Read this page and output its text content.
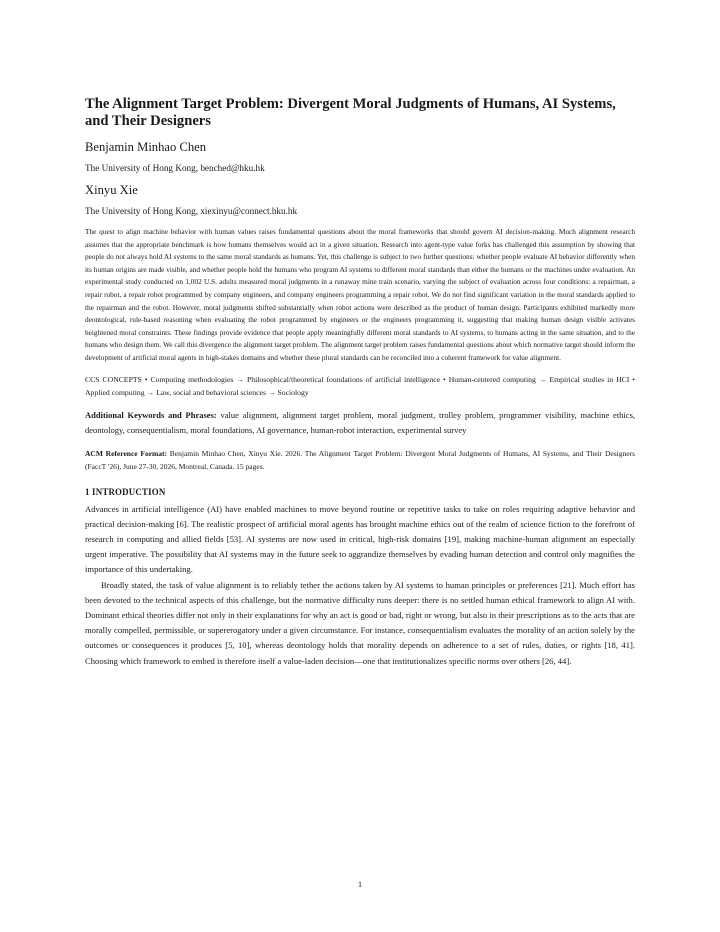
The Alignment Target Problem: Divergent Moral Judgments of Humans, AI Systems, and Their Designers
Benjamin Minhao Chen
The University of Hong Kong, benched@hku.hk
Xinyu Xie
The University of Hong Kong, xiexinyu@connect.hku.hk

The quest to align machine behavior with human values raises fundamental questions about the moral frameworks that should govern AI decision-making. Much alignment research assumes that the appropriate benchmark is how humans themselves would act in a given situation. Research into agent-type value forks has challenged this assumption by showing that people do not always hold AI systems to the same moral standards as humans. Yet, this challenge is subject to two further questions: whether people evaluate AI behavior differently when its human origins are made visible, and whether people hold the humans who program AI systems to different moral standards than either the humans or the machines under evaluation. An experimental study conducted on 1,002 U.S. adults measured moral judgments in a runaway mine train scenario, varying the subject of evaluation across four conditions: a repairman, a repair robot, a repair robot programmed by company engineers, and company engineers programming a repair robot. We do not find significant variation in the moral standards applied to the repairman and the robot. However, moral judgments shifted substantially when robot actions were described as the product of human design. Participants exhibited markedly more deontological, rule-based reasoning when evaluating the robot programmed by engineers or the engineers programming it, suggesting that making human design visible activates heightened moral constraints. These findings provide evidence that people apply meaningfully different moral standards to AI systems, to humans acting in the same situation, and to the humans who design them. We call this divergence the alignment target problem. The alignment target problem raises fundamental questions about which normative target should inform the development of artificial moral agents in high-stakes domains and whether these plural standards can be reconciled into a coherent framework for value alignment.

CCS CONCEPTS • Computing methodologies → Philosophical/theoretical foundations of artificial intelligence • Human-centered computing → Empirical studies in HCI • Applied computing → Law, social and behavioral sciences → Sociology

Additional Keywords and Phrases: value alignment, alignment target problem, moral judgment, trolley problem, programmer visibility, machine ethics, deontology, consequentialism, moral foundations, AI governance, human-robot interaction, experimental survey

ACM Reference Format: Benjamin Minhao Chen, Xinyu Xie. 2026. The Alignment Target Problem: Divergent Moral Judgments of Humans, AI Systems, and Their Designers (FaccT '26), June 27-30, 2026, Montreal, Canada. 15 pages.

1 INTRODUCTION

Advances in artificial intelligence (AI) have enabled machines to move beyond routine or repetitive tasks to take on roles requiring adaptive behavior and practical decision-making [6]. The realistic prospect of artificial moral agents has brought machine ethics out of the realm of science fiction to the forefront of research in computing and allied fields [53]. AI systems are now used in critical, high-risk domains [19], making machine-human alignment an especially urgent imperative. The possibility that AI systems may in the future seek to aggrandize themselves by evading human detection and control only magnifies the importance of this undertaking.

Broadly stated, the task of value alignment is to reliably tether the actions taken by AI systems to human principles or preferences [21]. Much effort has been devoted to the technical aspects of this challenge, but the normative difficulty runs deeper: there is no settled human ethical framework to align AI with. Dominant ethical theories differ not only in their explanations for why an act is good or bad, right or wrong, but also in their prescriptions as to the acts that are morally compelled, permissible, or supererogatory under a given circumstance. For instance, consequentialism evaluates the morality of an action solely by the outcomes or consequences it produces [5, 10], whereas deontology holds that morality depends on adherence to a set of rules, duties, or rights [18, 41]. Choosing which framework to embed is therefore itself a value-laden decision—one that institutionalizes specific norms over others [26, 44].

1
